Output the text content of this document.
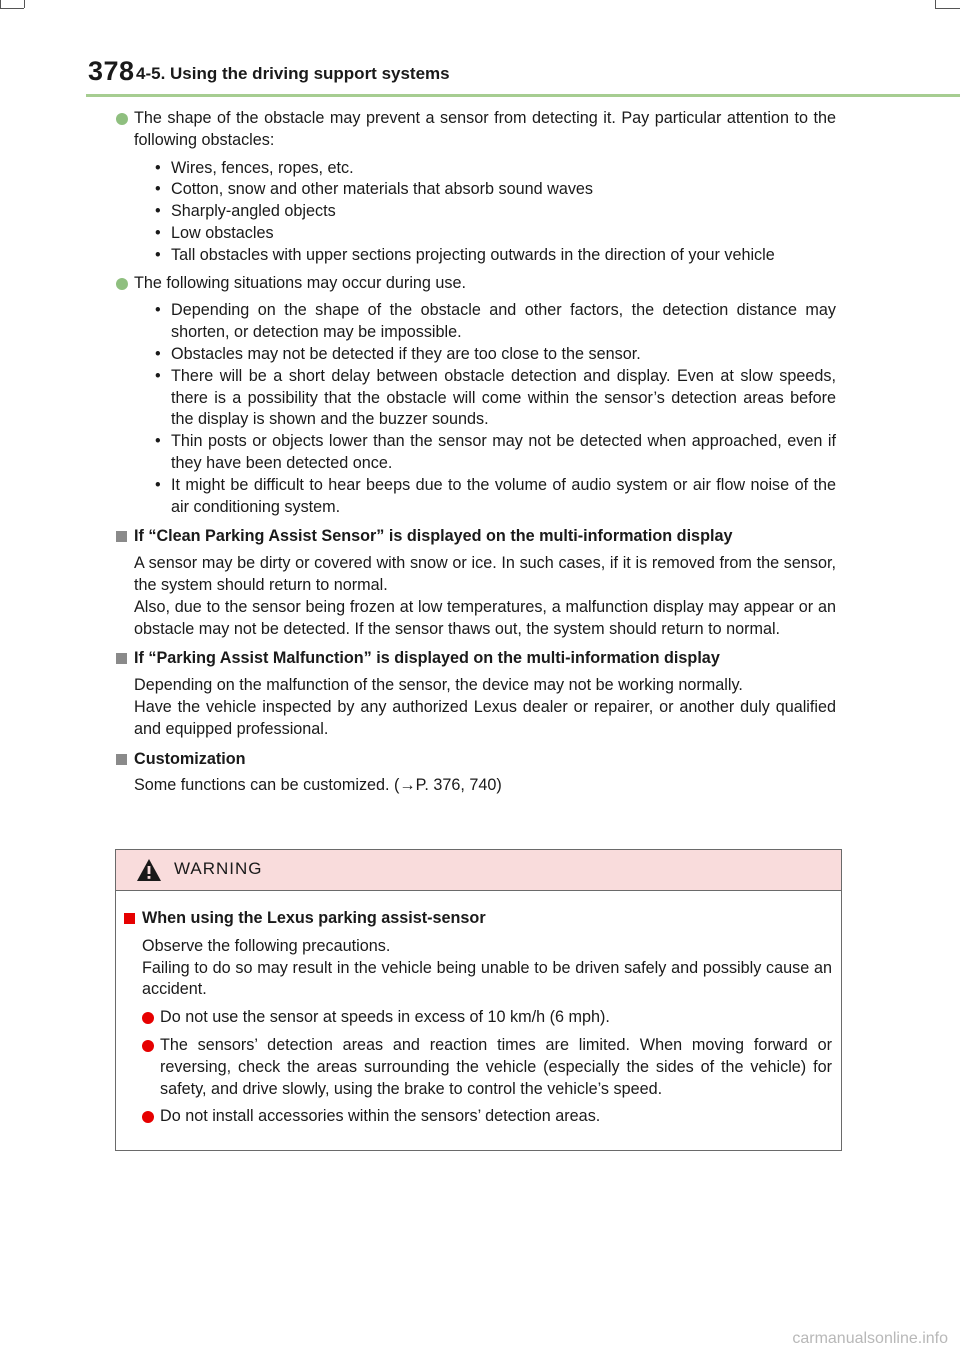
378 4-5. Using the driving support systems

The shape of the obstacle may prevent a sensor from detecting it. Pay particular attention to the following obstacles:

• Wires, fences, ropes, etc.
• Cotton, snow and other materials that absorb sound waves
• Sharply-angled objects
• Low obstacles
• Tall obstacles with upper sections projecting outwards in the direction of your vehicle

The following situations may occur during use.

• Depending on the shape of the obstacle and other factors, the detection distance may shorten, or detection may be impossible.
• Obstacles may not be detected if they are too close to the sensor.
• There will be a short delay between obstacle detection and display. Even at slow speeds, there is a possibility that the obstacle will come within the sensor’s detection areas before the display is shown and the buzzer sounds.
• Thin posts or objects lower than the sensor may not be detected when approached, even if they have been detected once.
• It might be difficult to hear beeps due to the volume of audio system or air flow noise of the air conditioning system.
If “Clean Parking Assist Sensor” is displayed on the multi-information display

A sensor may be dirty or covered with snow or ice. In such cases, if it is removed from the sensor, the system should return to normal.

Also, due to the sensor being frozen at low temperatures, a malfunction display may appear or an obstacle may not be detected. If the sensor thaws out, the system should return to normal.

If “Parking Assist Malfunction” is displayed on the multi-information display

Depending on the malfunction of the sensor, the device may not be working normally.

Have the vehicle inspected by any authorized Lexus dealer or repairer, or another duly qualified and equipped professional.

Customization

Some functions can be customized. (→P. 376, 740)

WARNING
When using the Lexus parking assist-sensor

Observe the following precautions.
Failing to do so may result in the vehicle being unable to be driven safely and possibly cause an accident.

Do not use the sensor at speeds in excess of 10 km/h (6 mph).
The sensors’ detection areas and reaction times are limited. When moving forward or reversing, check the areas surrounding the vehicle (especially the sides of the vehicle) for safety, and drive slowly, using the brake to control the vehicle’s speed.
Do not install accessories within the sensors’ detection areas.
carmanualsonline.info
